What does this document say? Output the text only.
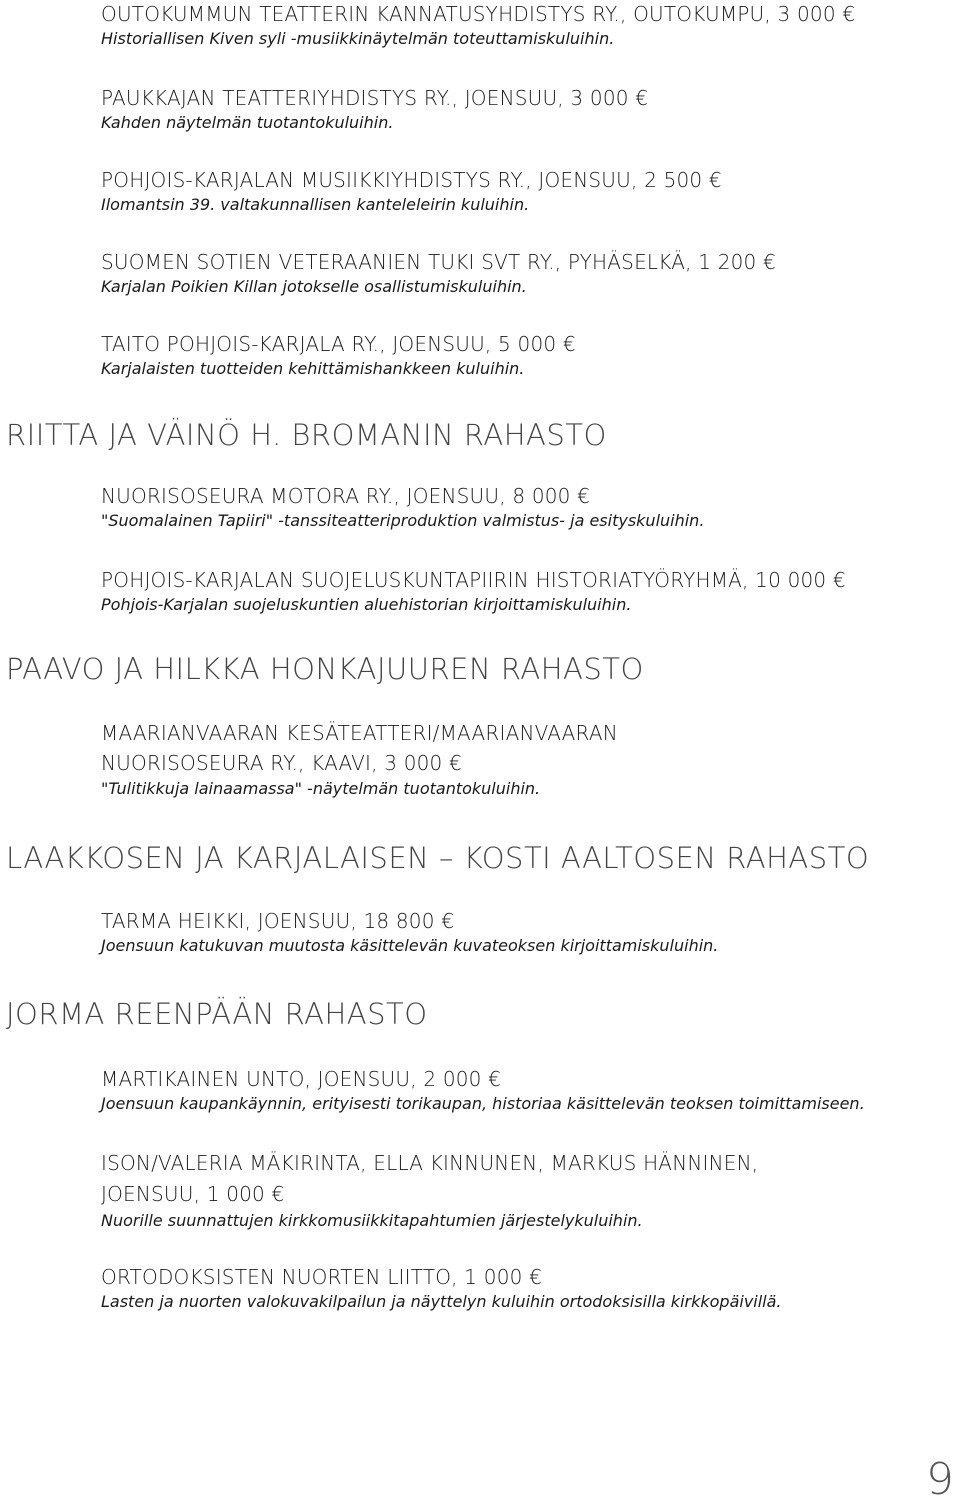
OUTOKUMMUN TEATTERIN KANNATUSYHDISTYS RY., OUTOKUMPU, 3 000 €
Historiallisen Kiven syli -musiikkinäytelmän toteuttamiskuluihin.
PAUKKAJAN TEATTERIYHDISTYS RY., JOENSUU, 3 000 €
Kahden näytelmän tuotantokuluihin.
POHJOIS-KARJALAN MUSIIKKIYHDISTYS RY., JOENSUU, 2 500 €
Ilomantsin 39. valtakunnallisen kanteleleirin kuluihin.
SUOMEN SOTIEN VETERAANIEN TUKI SVT RY., PYHÄSELKÄ, 1 200 €
Karjalan Poikien Killan jotokselle osallistumiskuluihin.
TAITO POHJOIS-KARJALA RY., JOENSUU, 5 000 €
Karjalaisten tuotteiden kehittämishankkeen kuluihin.
RIITTA JA VÄINÖ H. BROMANIN RAHASTO
NUORISOSEURA MOTORA RY., JOENSUU, 8 000 €
"Suomalainen Tapiiri" -tanssiteatteriproduktion valmistus- ja esityskuluihin.
POHJOIS-KARJALAN SUOJELUSKUNTAPIIRIN HISTORIATYÖRYHMÄ, 10 000 €
Pohjois-Karjalan suojeluskuntien aluehistorian kirjoittamiskuluihin.
PAAVO JA HILKKA HONKAJUUREN RAHASTO
MAARIANVAARAN KESÄTEATTERI/MAARIANVAARAN NUORISOSEURA RY., KAAVI, 3 000 €
"Tulitikkuja lainaamassa" -näytelmän tuotantokuluihin.
LAAKKOSEN JA KARJALAISEN – KOSTI AALTOSEN RAHASTO
TARMA HEIKKI, JOENSUU, 18 800 €
Joensuun katukuvan muutosta käsittelevän kuvateoksen kirjoittamiskuluihin.
JORMA REENPÄÄN RAHASTO
MARTIKAINEN UNTO, JOENSUU, 2 000 €
Joensuun kaupankäynnin, erityisesti torikaupan, historiaa käsittelevän teoksen toimittamiseen.
ISON/VALERIA MÄKIRINTA, ELLA KINNUNEN, MARKUS HÄNNINEN, JOENSUU, 1 000 €
Nuorille suunnattujen kirkkomusiikkitapahtumien järjestelykuluihin.
ORTODOKSISTEN NUORTEN LIITTO, 1 000 €
Lasten ja nuorten valokuvakilpailun ja näyttelyn kuluihin ortodoksisilla kirkkopäivillä.
9
